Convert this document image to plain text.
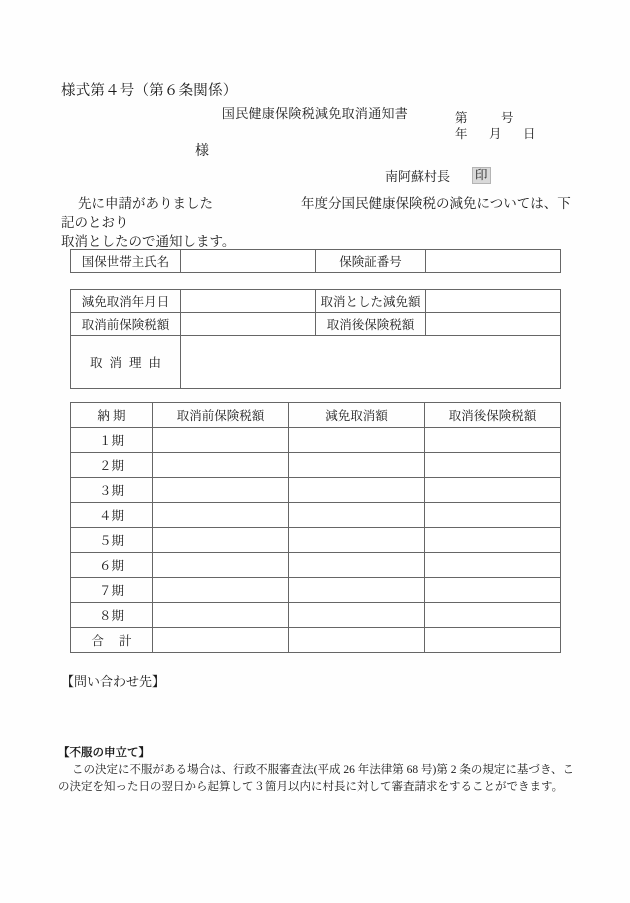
様式第４号（第６条関係）
国民健康保険税減免取消通知書	第	号
年	月	日
様
南阿蘇村長 印
先に申請がありました	年度分国民健康保険税の減免については、下記のとおり
取消としたので通知します。
国保世帯主氏名		保険証番号	
減免取消年月日		取消とした減免額	
取消前保険税額		取消後保険税額	
取消理由			
納 期	取消前保険税額	減免取消額	取消後保険税額
１期			
２期			
３期			
４期			
５期			
６期			
７期			
８期			
合 計			
【問い合わせ先】
【不服の申立て】
この決定に不服がある場合は、行政不服審査法(平成 26 年法律第 68 号)第 2 条の規定に基づき、この決定を知った日の翌日から起算して３箇月以内に村長に対して審査請求をすることができます。
